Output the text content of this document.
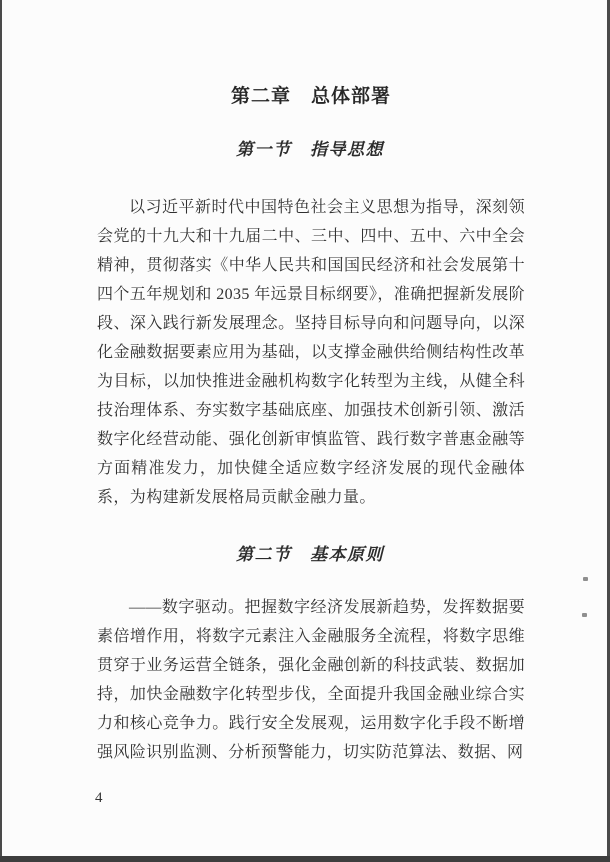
第二章　总体部署
第一节　指导思想

以习近平新时代中国特色社会主义思想为指导，深刻领会党的十九大和十九届二中、三中、四中、五中、六中全会精神，贯彻落实《中华人民共和国国民经济和社会发展第十四个五年规划和 2035 年远景目标纲要》，准确把握新发展阶段、深入践行新发展理念。坚持目标导向和问题导向，以深化金融数据要素应用为基础，以支撑金融供给侧结构性改革为目标，以加快推进金融机构数字化转型为主线，从健全科技治理体系、夯实数字基础底座、加强技术创新引领、激活数字化经营动能、强化创新审慎监管、践行数字普惠金融等方面精准发力，加快健全适应数字经济发展的现代金融体系，为构建新发展格局贡献金融力量。

第二节　基本原则

——数字驱动。把握数字经济发展新趋势，发挥数据要素倍增作用，将数字元素注入金融服务全流程，将数字思维贯穿于业务运营全链条，强化金融创新的科技武装、数据加持，加快金融数字化转型步伐，全面提升我国金融业综合实力和核心竞争力。践行安全发展观，运用数字化手段不断增强风险识别监测、分析预警能力，切实防范算法、数据、网

4
